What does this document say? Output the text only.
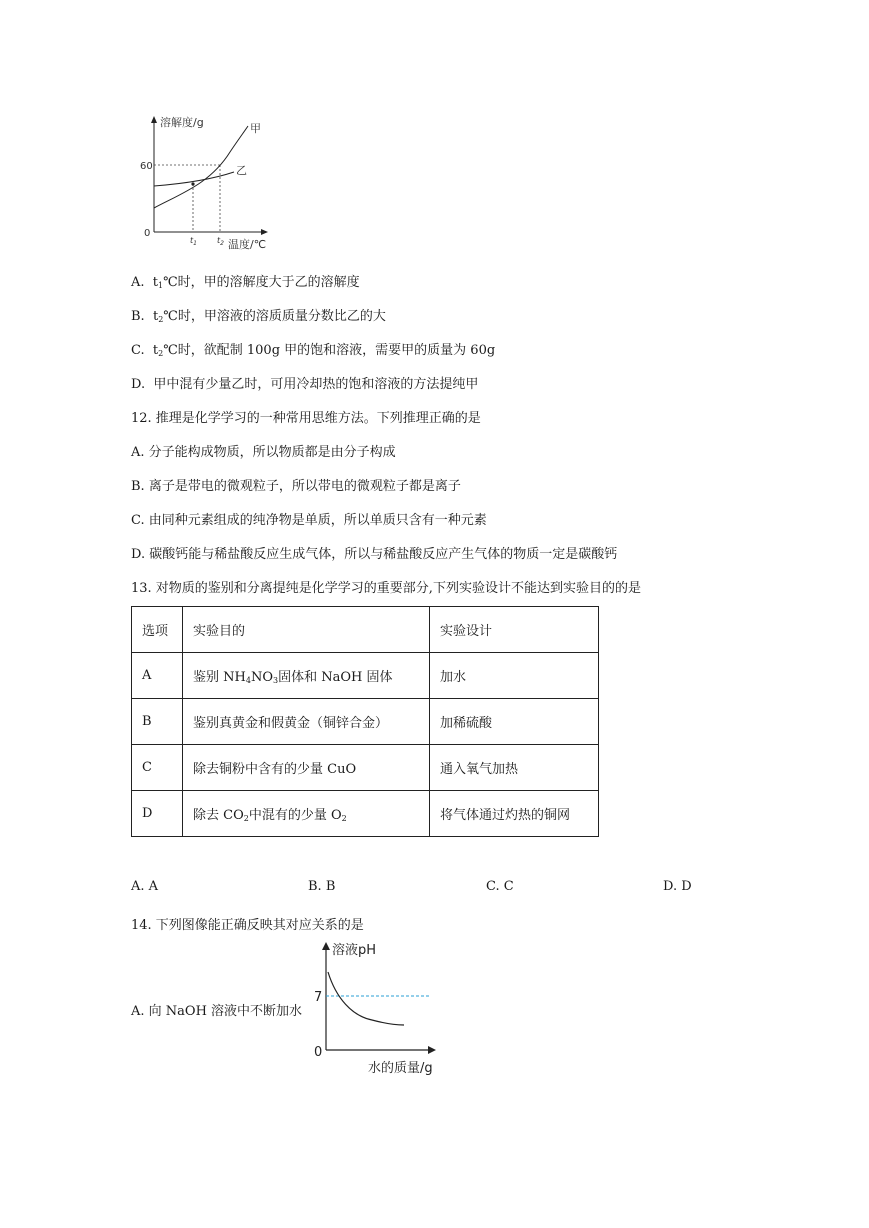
溶解度/g	甲
乙
60
0
$t_1$	$t_2$ 温度/℃
A. $t_1℃$时，甲的溶解度大于乙的溶解度
B. $t_2℃$时，甲溶液的溶质质量分数比乙的大
C. $t_2℃$时，欲配制 100g 甲的饱和溶液，需要甲的质量为 60g
D. 甲中混有少量乙时，可用冷却热的饱和溶液的方法提纯甲
12. 推理是化学学习的一种常用思维方法。下列推理正确的是
A. 分子能构成物质，所以物质都是由分子构成
B. 离子是带电的微观粒子，所以带电的微观粒子都是离子
C. 由同种元素组成的纯净物是单质，所以单质只含有一种元素
D. 碳酸钙能与稀盐酸反应生成气体，所以与稀盐酸反应产生气体的物质一定是碳酸钙
13. 对物质的鉴别和分离提纯是化学学习的重要部分,下列实验设计不能达到实验目的的是
选项	实验目的	实验设计
A	鉴别 $NH_4NO_3$固体和 NaOH 固体	加水
B	鉴别真黄金和假黄金（铜锌合金）	加稀硫酸
C	除去铜粉中含有的少量 CuO	通入氧气加热
D	除去 $CO_2$中混有的少量 $O_2$	将气体通过灼热的铜网
A. A	B. B	C. C	D. D
14. 下列图像能正确反映其对应关系的是
A. 向 NaOH 溶液中不断加水
溶液pH
7
0
水的质量/g
